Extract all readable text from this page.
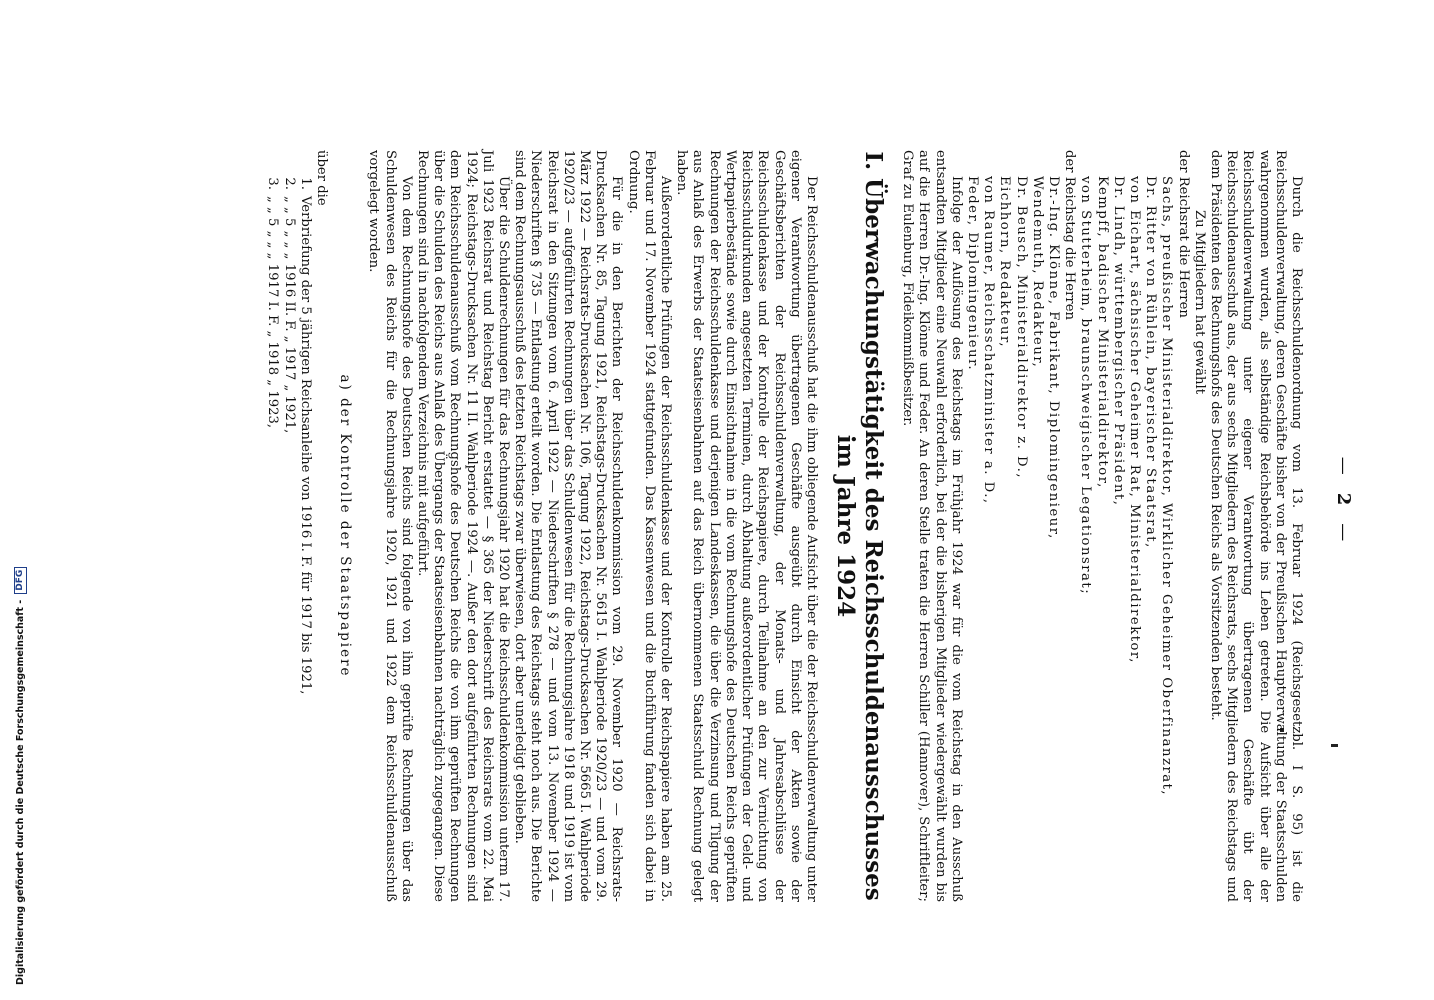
—2—

Durch die Reichsschuldenordnung vom 13. Februar 1924 (Reichsgesetzbl. I S. 95) ist die Reichsschuldenverwaltung, deren Geschäfte bisher von der Preußischen Hauptverwaltung der Staatsschulden wahrgenommen wurden, als selbständige Reichsbehörde ins Leben getreten. Die Aufsicht über alle der Reichsschuldenverwaltung unter eigener Verantwortung übertragenen Geschäfte übt der Reichsschuldenausschuß aus, der aus sechs Mitgliedern des Reichsrats, sechs Mitgliedern des Reichstags und dem Präsidenten des Rechnungshofs des Deutschen Reichs als Vorsitzenden besteht.

Zu Mitgliedern hat gewählt

der Reichsrat die Herren

Sachs, preußischer Ministerialdirektor, Wirklicher Geheimer Oberfinanzrat,

Dr. Ritter von Rühlein, bayerischer Staatsrat,

von Eichart, sächsischer Geheimer Rat, Ministerialdirektor,

Dr. Lindh, württembergischer Präsident,

Kempff, badischer Ministerialdirektor,

von Stutterheim, braunschweigischer Legationsrat;

der Reichstag die Herren

Dr.-Ing. Klönne, Fabrikant, Diplomingenieur,

Wendemuth, Redakteur,

Dr. Beusch, Ministerialdirektor z. D.,

Eichhorn, Redakteur,

von Raumer, Reichsschatzminister a. D.,

Feder, Diplomingenieur.

Infolge der Auflösung des Reichstags im Frühjahr 1924 war für die vom Reichstag in den Ausschuß entsandten Mitglieder eine Neuwahl erforderlich, bei der die bisherigen Mitglieder wiedergewählt wurden bis auf die Herren Dr.-Ing. Klönne und Feder. An deren Stelle traten die Herren Schiller (Hannover), Schriftleiter; Graf zu Eulenburg, Fideikommißbesitzer.

I. Überwachungstätigkeit des Reichsschuldenausschusses im Jahre 1924

Der Reichsschuldenausschuß hat die ihm obliegende Aufsicht über die der Reichsschuldenverwaltung unter eigener Verantwortung übertragenen Geschäfte ausgeübt durch Einsicht der Akten sowie der Geschäftsberichten der Reichsschuldenverwaltung, der Monats- und Jahresabschlüsse der Reichsschuldenkasse und der Kontrolle der Reichspapiere, durch Teilnahme an den zur Vernichtung von Reichsschuldurkunden angesetzten Terminen, durch Abhaltung außerordentlicher Prüfungen der Geld- und Wertpapierbestände sowie durch Einsichtnahme in die vom Rechnungshofe des Deutschen Reichs geprüften Rechnungen der Reichsschuldenkasse und derjenigen Landeskassen, die über die Verzinsung und Tilgung der aus Anlaß des Erwerbs der Staatseisenbahnen auf das Reich übernommenen Staatsschuld Rechnung gelegt haben.

Außerordentliche Prüfungen der Reichsschuldenkasse und der Kontrolle der Reichspapiere haben am 25. Februar und 17. November 1924 stattgefunden. Das Kassenwesen und die Buchführung fanden sich dabei in Ordnung.

Für die in den Berichten der Reichsschuldenkommission vom 29. November 1920 — Reichsrats-Drucksachen Nr. 85, Tagung 1921, Reichstags-Drucksachen Nr. 5615 I. Wahlperiode 1920/23 — und vom 29. März 1922 — Reichsrats-Drucksachen Nr. 106, Tagung 1922, Reichstags-Drucksachen Nr. 5665 I. Wahlperiode 1920/23 — aufgeführten Rechnungen über das Schuldenwesen für die Rechnungsjahre 1918 und 1919 ist vom Reichsrat in den Sitzungen vom 6. April 1922 — Niederschriften § 278 — und vom 13. November 1924 — Niederschriften § 735 — Entlastung erteilt worden. Die Entlastung des Reichstags steht noch aus. Die Berichte sind dem Rechnungsausschuß des letzten Reichstags zwar überwiesen, dort aber unerledigt geblieben.

Über die Schuldenrechnungen für das Rechnungsjahr 1920 hat die Reichsschuldenkommission unterm 17. Juli 1923 Reichsrat und Reichstag Bericht erstattet — § 365 der Niederschrift des Reichsrats vom 22. Mai 1924; Reichstags-Drucksachen Nr. 11 II. Wahlperiode 1924 —. Außer den dort aufgeführten Rechnungen sind dem Reichsschuldenausschuß vom Rechnungshofe des Deutschen Reichs die von ihm geprüften Rechnungen über die Schulden des Reichs aus Anlaß des Übergangs der Staatseisenbahnen nachträglich zugegangen. Diese Rechnungen sind in nachfolgendem Verzeichnis mit aufgeführt.

Von dem Rechnungshofe des Deutschen Reichs sind folgende von ihm geprüfte Rechnungen über das Schuldenwesen des Reichs für die Rechnungsjahre 1920, 1921 und 1922 dem Reichsschuldenausschuß vorgelegt worden.

a) der Kontrolle der Staatspapiere

über die

1.
Verbriefung der 5 jährigen Reichsanleihe von 1916 I. F. für 1917 bis 1921,
2.
„ „ 5 „ „ „ 1916 II. F. „ 1917 „ 1921,
3.
„ „ 5 „ „ „ 1917 I. F. „ 1918 „ 1923,
Digitalisierung gefördert durch die Deutsche Forschungsgemeinschaft -
DFG
